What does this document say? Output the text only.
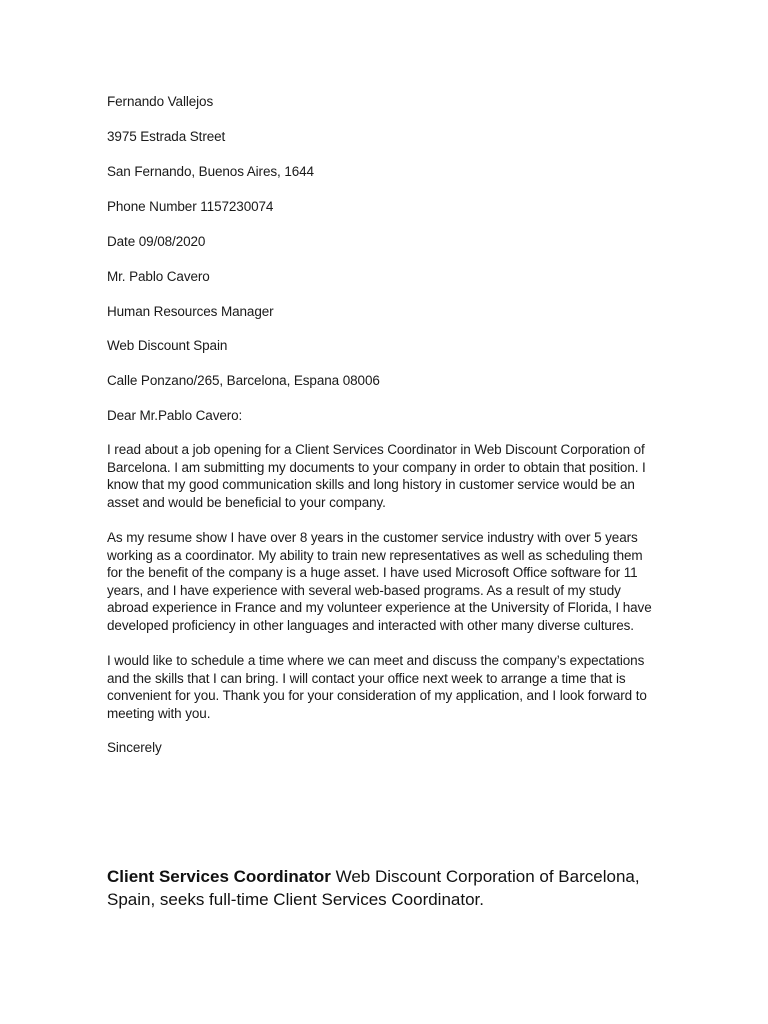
Fernando Vallejos
3975 Estrada Street
San Fernando, Buenos Aires, 1644
Phone Number 1157230074
Date 09/08/2020
Mr. Pablo Cavero
Human Resources Manager
Web Discount Spain
Calle Ponzano/265, Barcelona, Espana 08006
Dear Mr.Pablo Cavero:
I read about a job opening for a Client Services Coordinator in Web Discount Corporation of
Barcelona. I am submitting my documents to your company in order to obtain that position. I
know that my good communication skills and long history in customer service would be an
asset and would be beneficial to your company.
As my resume show I have over 8 years in the customer service industry with over 5 years
working as a coordinator. My ability to train new representatives as well as scheduling them
for the benefit of the company is a huge asset. I have used Microsoft Office software for 11
years, and I have experience with several web-based programs. As a result of my study
abroad experience in France and my volunteer experience at the University of Florida, I have
developed proficiency in other languages and interacted with other many diverse cultures.
I would like to schedule a time where we can meet and discuss the company’s expectations
and the skills that I can bring. I will contact your office next week to arrange a time that is
convenient for you. Thank you for your consideration of my application, and I look forward to
meeting with you.
Sincerely
Client Services Coordinator Web Discount Corporation of Barcelona,
Spain, seeks full-time Client Services Coordinator.
